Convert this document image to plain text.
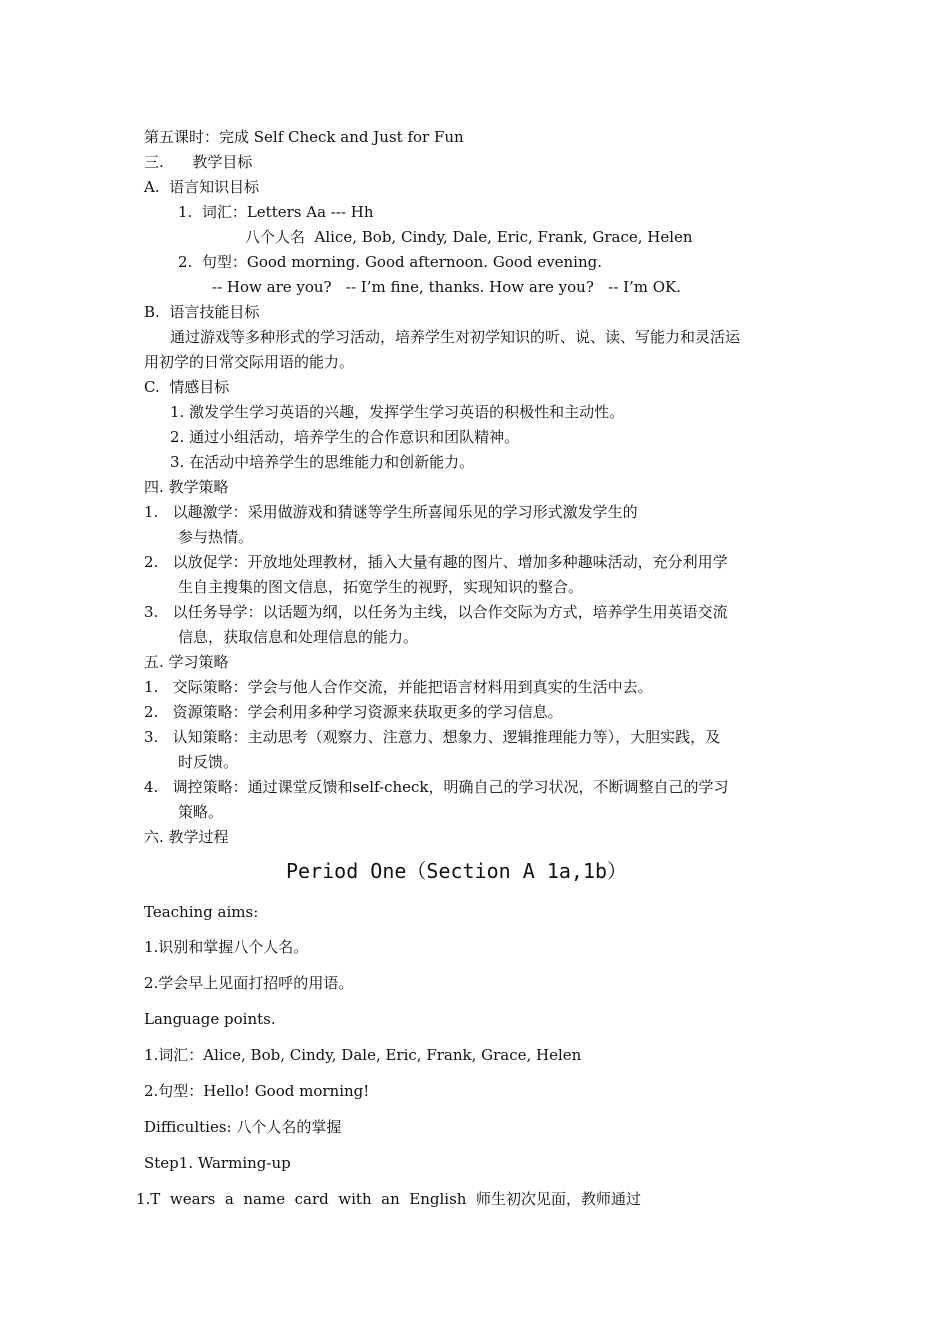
第五课时：完成 Self Check and Just for Fun
三.      教学目标
A.  语言知识目标
1.  词汇：Letters Aa --- Hh
八个人名  Alice, Bob, Cindy, Dale, Eric, Frank, Grace, Helen
2.  句型：Good morning. Good afternoon. Good evening.
-- How are you?   -- I’m fine, thanks. How are you?   -- I’m OK.
B.  语言技能目标
通过游戏等多种形式的学习活动，培养学生对初学知识的听、说、读、写能力和灵活运
用初学的日常交际用语的能力。
C.  情感目标
1. 激发学生学习英语的兴趣，发挥学生学习英语的积极性和主动性。
2. 通过小组活动，培养学生的合作意识和团队精神。
3. 在活动中培养学生的思维能力和创新能力。
四. 教学策略
1.   以趣激学：采用做游戏和猜谜等学生所喜闻乐见的学习形式激发学生的
参与热情。
2.   以放促学：开放地处理教材，插入大量有趣的图片、增加多种趣味活动，充分利用学
生自主搜集的图文信息，拓宽学生的视野，实现知识的整合。
3.   以任务导学：以话题为纲，以任务为主线，以合作交际为方式，培养学生用英语交流
信息，获取信息和处理信息的能力。
五. 学习策略
1.   交际策略：学会与他人合作交流，并能把语言材料用到真实的生活中去。
2.   资源策略：学会利用多种学习资源来获取更多的学习信息。
3.   认知策略：主动思考（观察力、注意力、想象力、逻辑推理能力等），大胆实践，及
时反馈。
4.   调控策略：通过课堂反馈和self-check，明确自己的学习状况，不断调整自己的学习
策略。
六. 教学过程
Period One（Section A 1a,1b）
Teaching aims:
1.识别和掌握八个人名。
2.学会早上见面打招呼的用语。
Language points.
1.词汇：Alice, Bob, Cindy, Dale, Eric, Frank, Grace, Helen
2.句型：Hello! Good morning!
Difficulties: 八个人名的掌握
Step1. Warming-up
1.T  wears  a  name  card  with  an  English  师生初次见面，教师通过
